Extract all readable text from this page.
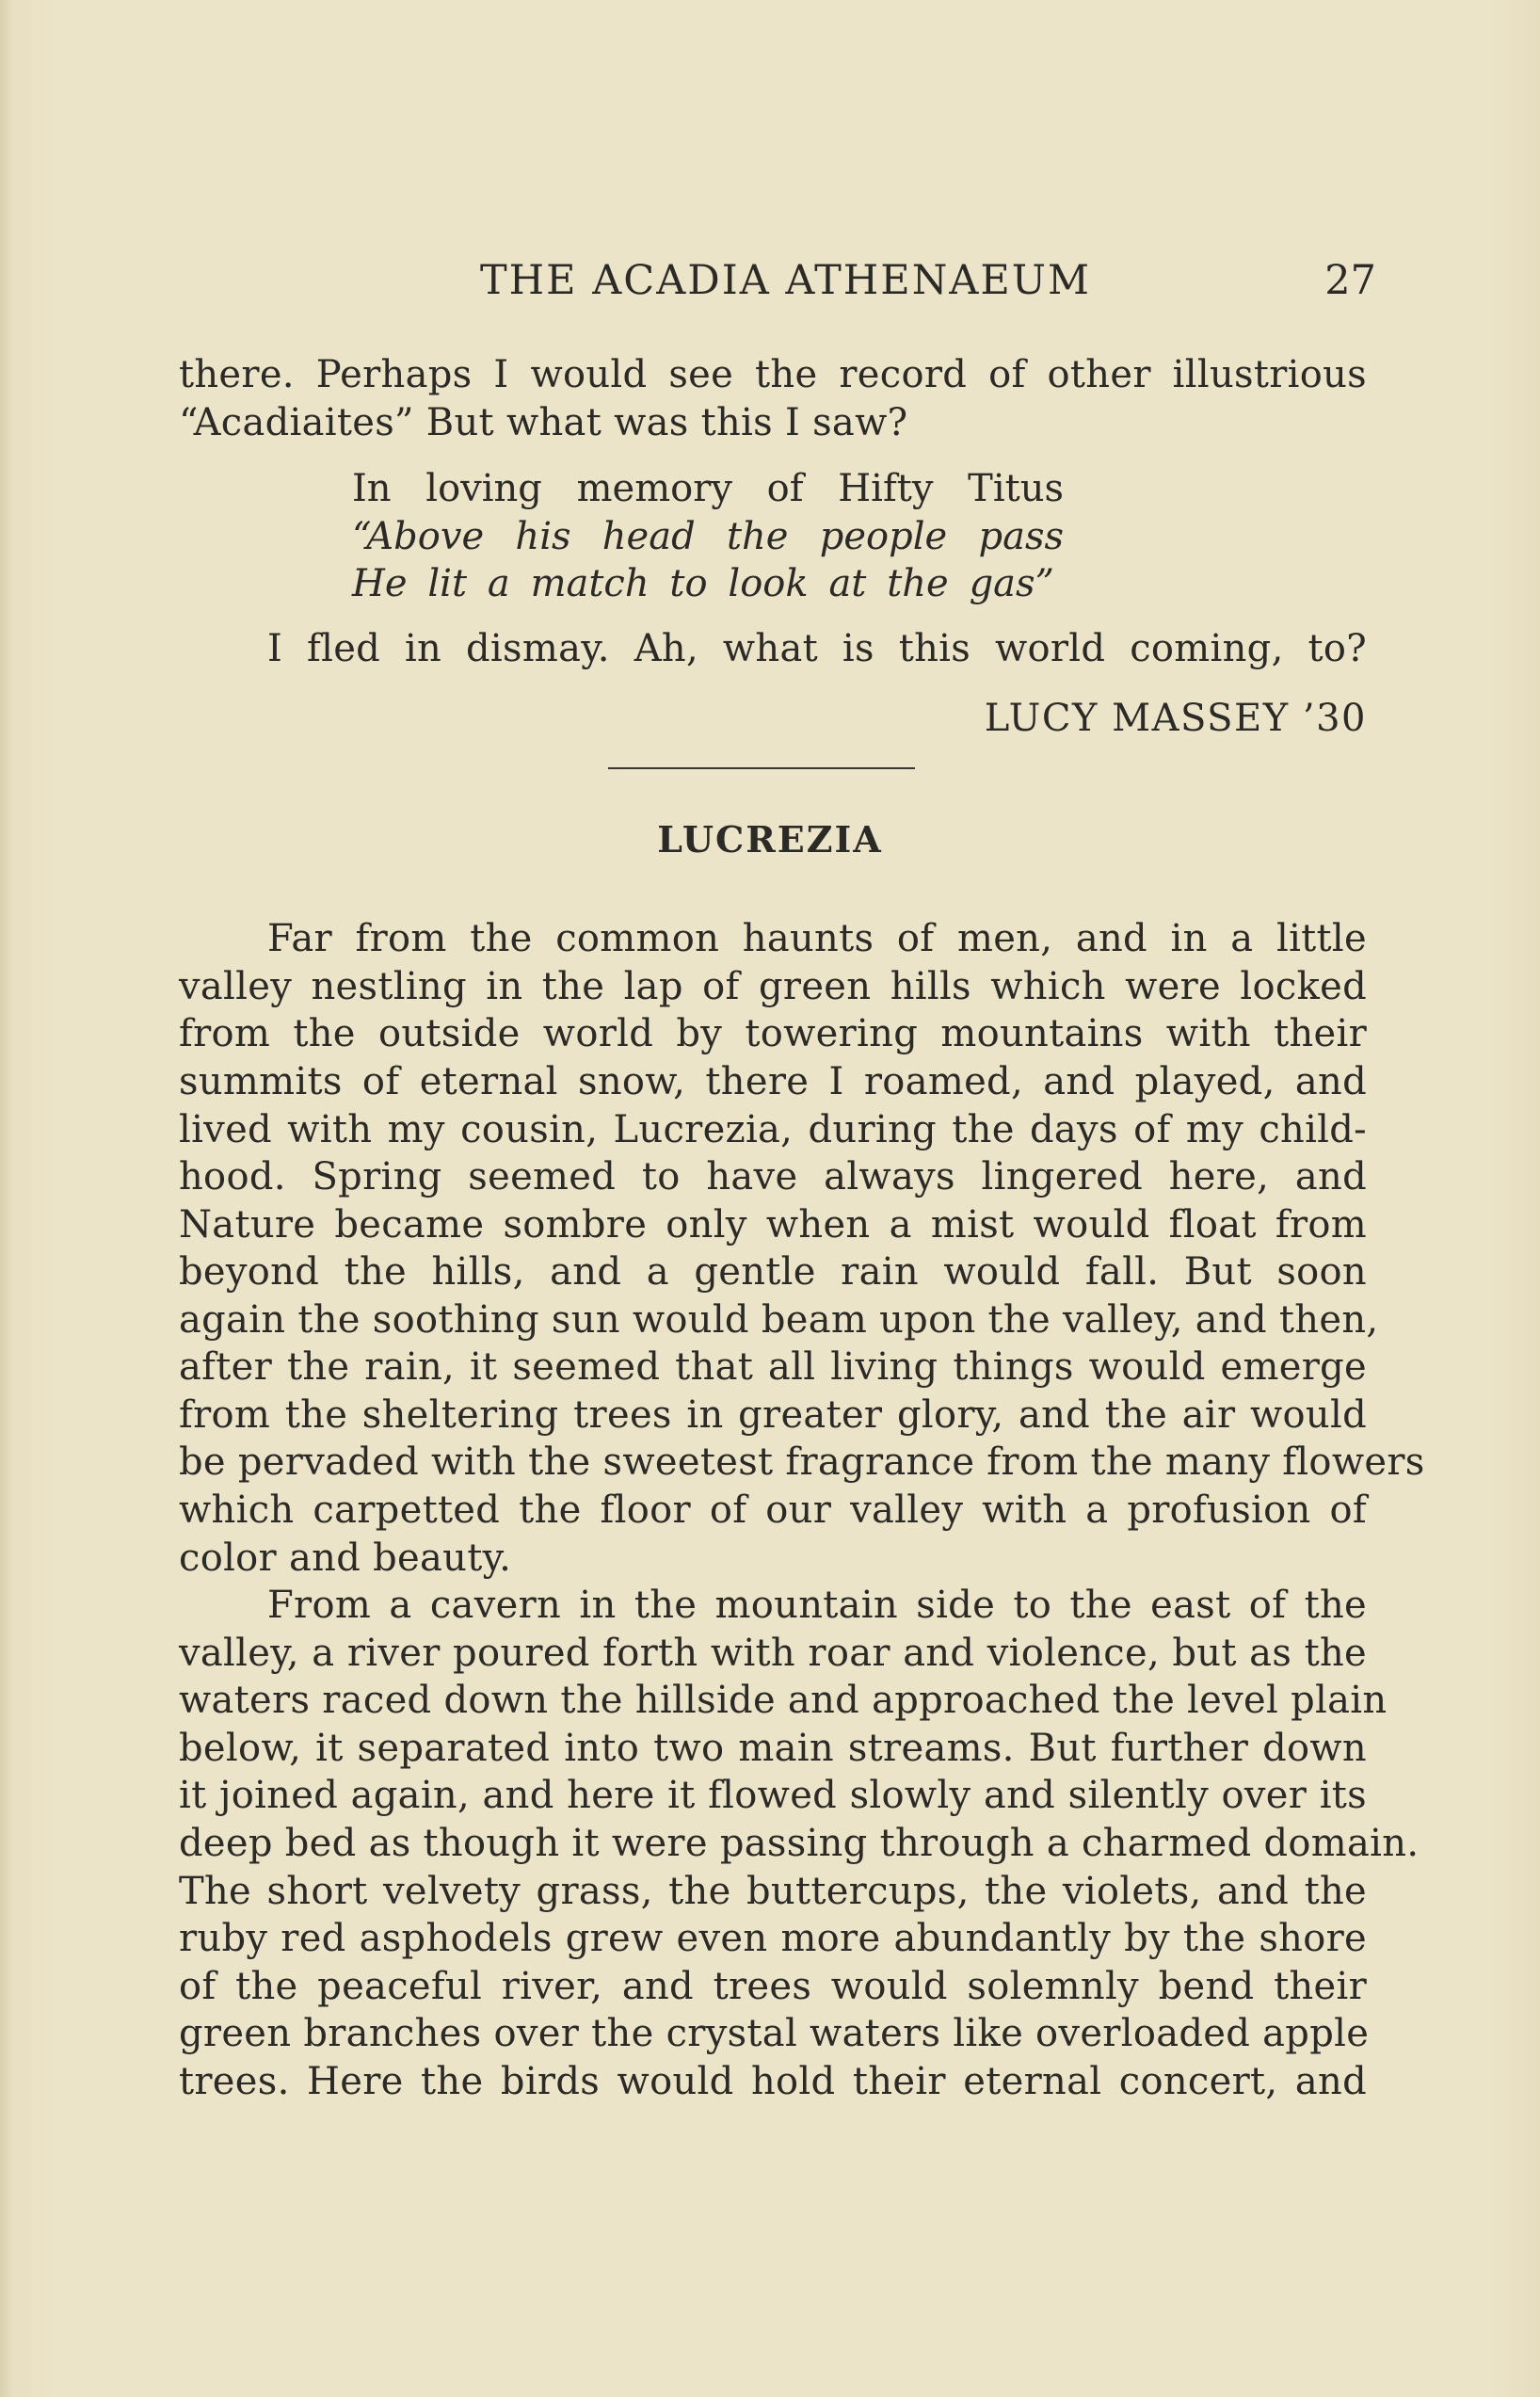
THE ACADIA ATHENAEUM	27
there. Perhaps I would see the record of other illustrious
“Acadiaites” But what was this I saw?
In loving memory of Hifty Titus
“Above his head the people pass
He lit a match to look at the gas”
I fled in dismay. Ah, what is this world coming, to?
LUCY MASSEY ’30
LUCREZIA
Far from the common haunts of men, and in a little
valley nestling in the lap of green hills which were locked
from the outside world by towering mountains with their
summits of eternal snow, there I roamed, and played, and
lived with my cousin, Lucrezia, during the days of my child-
hood. Spring seemed to have always lingered here, and
Nature became sombre only when a mist would float from
beyond the hills, and a gentle rain would fall. But soon
again the soothing sun would beam upon the valley, and then,
after the rain, it seemed that all living things would emerge
from the sheltering trees in greater glory, and the air would
be pervaded with the sweetest fragrance from the many flowers
which carpetted the floor of our valley with a profusion of
color and beauty.
From a cavern in the mountain side to the east of the
valley, a river poured forth with roar and violence, but as the
waters raced down the hillside and approached the level plain
below, it separated into two main streams. But further down
it joined again, and here it flowed slowly and silently over its
deep bed as though it were passing through a charmed domain.
The short velvety grass, the buttercups, the violets, and the
ruby red asphodels grew even more abundantly by the shore
of the peaceful river, and trees would solemnly bend their
green branches over the crystal waters like overloaded apple
trees. Here the birds would hold their eternal concert, and
